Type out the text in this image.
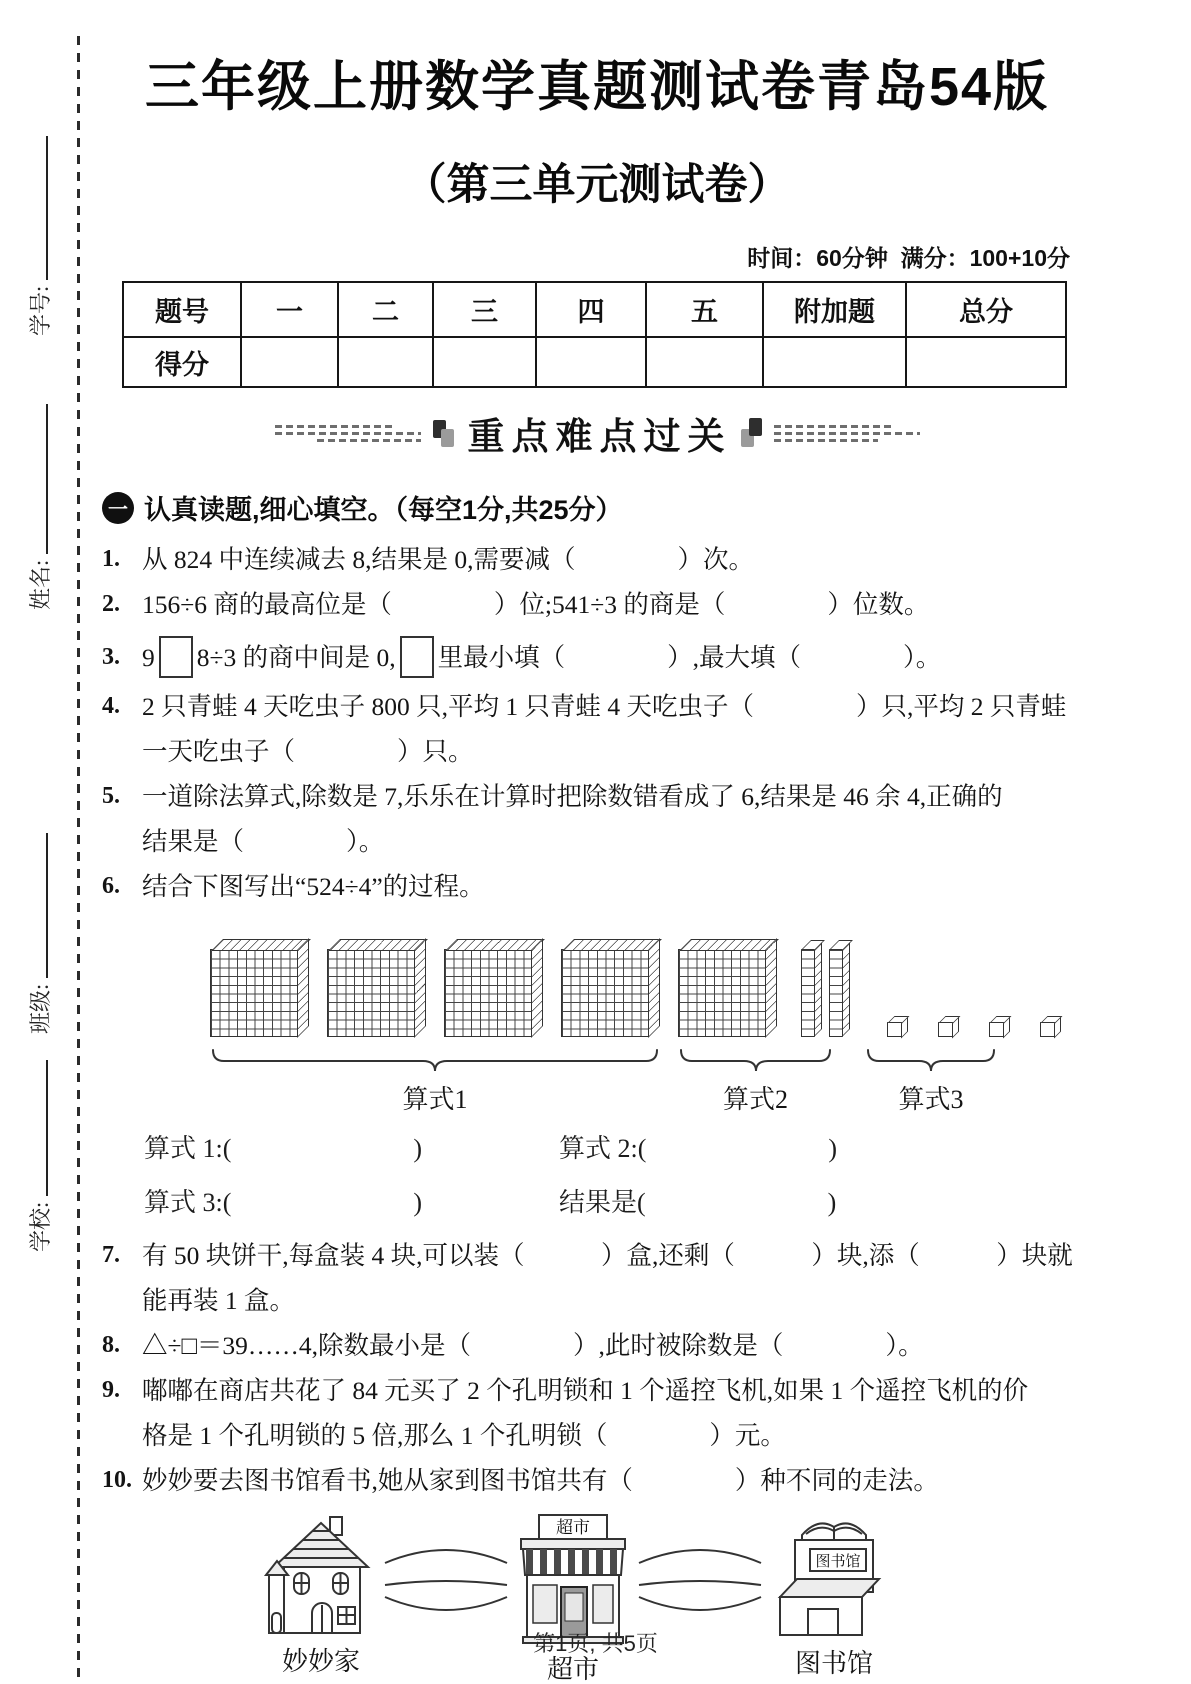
学号:
姓名:
班级:
学校:
三年级上册数学真题测试卷青岛54版
（第三单元测试卷）
时间：60分钟  满分：100+10分
题号	一	二	三	四	五	附加题	总分
得分							
重点难点过关
一 认真读题,细心填空。（每空1分,共25分）
1. 从 824 中连续减去 8,结果是 0,需要减（　　　　）次。
2. 156÷6 商的最高位是（　　　　）位;541÷3 的商是（　　　　）位数。
3. 9 8÷3 的商中间是 0, 里最小填（　　　　）,最大填（　　　　）。
4. 2 只青蛙 4 天吃虫子 800 只,平均 1 只青蛙 4 天吃虫子（　　　　）只,平均 2 只青蛙
一天吃虫子（　　　　）只。
5. 一道除法算式,除数是 7,乐乐在计算时把除数错看成了 6,结果是 46 余 4,正确的
结果是（　　　　）。
6. 结合下图写出“524÷4”的过程。
算式1	算式2	算式3
算式 1:(　　　　　　　)	算式 2:(　　　　　　　)
算式 3:(　　　　　　　)	结果是(　　　　　　　)
7. 有 50 块饼干,每盒装 4 块,可以装（　　　）盒,还剩（　　　）块,添（　　　）块就
能再装 1 盒。
8. △÷□＝39……4,除数最小是（　　　　）,此时被除数是（　　　　）。
9. 嘟嘟在商店共花了 84 元买了 2 个孔明锁和 1 个遥控飞机,如果 1 个遥控飞机的价
格是 1 个孔明锁的 5 倍,那么 1 个孔明锁（　　　　）元。
10. 妙妙要去图书馆看书,她从家到图书馆共有（　　　　）种不同的走法。
妙妙家
超市
超市
图书馆
图书馆
第1页, 共5页
